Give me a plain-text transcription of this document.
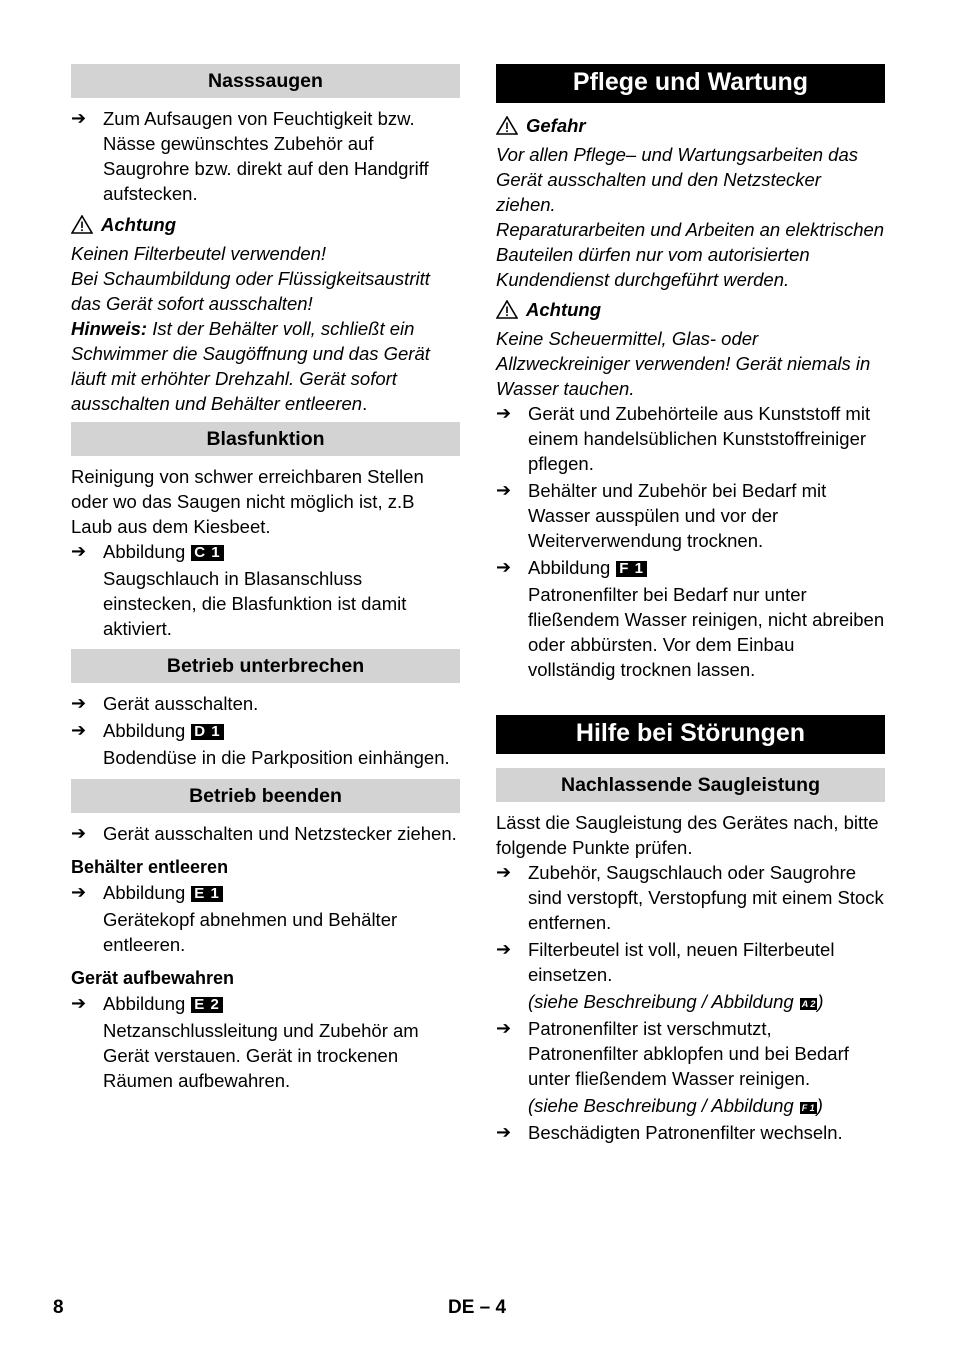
Nasssaugen
➔ Zum Aufsaugen von Feuchtigkeit bzw. Nässe gewünschtes Zubehör auf Saugrohre bzw. direkt auf den Handgriff aufstecken.

Achtung

Keinen Filterbeutel verwenden!

Bei Schaumbildung oder Flüssigkeitsaustritt das Gerät sofort ausschalten!

Hinweis: Ist der Behälter voll, schließt ein Schwimmer die Saugöffnung und das Gerät läuft mit erhöhter Drehzahl. Gerät sofort ausschalten und Behälter entleeren.

Blasfunktion

Reinigung von schwer erreichbaren Stellen oder wo das Saugen nicht möglich ist, z.B Laub aus dem Kiesbeet.

➔ Abbildung C 1

Saugschlauch in Blasanschluss einstecken, die Blasfunktion ist damit aktiviert.

Betrieb unterbrechen
➔ Gerät ausschalten.
➔ Abbildung D 1

Bodendüse in die Parkposition einhängen.

Betrieb beenden
➔ Gerät ausschalten und Netzstecker ziehen.

Behälter entleeren

➔ Abbildung E 1

Gerätekopf abnehmen und Behälter entleeren.

Gerät aufbewahren

➔ Abbildung E 2

Netzanschlussleitung und Zubehör am Gerät verstauen. Gerät in trockenen Räumen aufbewahren.

Pflege und Wartung

Gefahr

Vor allen Pflege– und Wartungsarbeiten das Gerät ausschalten und den Netzstecker ziehen.

Reparaturarbeiten und Arbeiten an elektrischen Bauteilen dürfen nur vom autorisierten Kundendienst durchgeführt werden.

Achtung

Keine Scheuermittel, Glas- oder Allzweckreiniger verwenden! Gerät niemals in Wasser tauchen.

➔ Gerät und Zubehörteile aus Kunststoff mit einem handelsüblichen Kunststoffreiniger pflegen.
➔ Behälter und Zubehör bei Bedarf mit Wasser ausspülen und vor der Weiterverwendung trocknen.
➔ Abbildung F 1

Patronenfilter bei Bedarf nur unter fließendem Wasser reinigen, nicht abreiben oder abbürsten. Vor dem Einbau vollständig trocknen lassen.

Hilfe bei Störungen
Nachlassende Saugleistung

Lässt die Saugleistung des Gerätes nach, bitte folgende Punkte prüfen.

➔ Zubehör, Saugschlauch oder Saugrohre sind verstopft, Verstopfung mit einem Stock entfernen.
➔ Filterbeutel ist voll, neuen Filterbeutel einsetzen.

(siehe Beschreibung / Abbildung A 2 )

➔ Patronenfilter ist verschmutzt, Patronenfilter abklopfen und bei Bedarf unter fließendem Wasser reinigen.

(siehe Beschreibung / Abbildung F 1 )

➔ Beschädigten Patronenfilter wechseln.
8	DE – 4
